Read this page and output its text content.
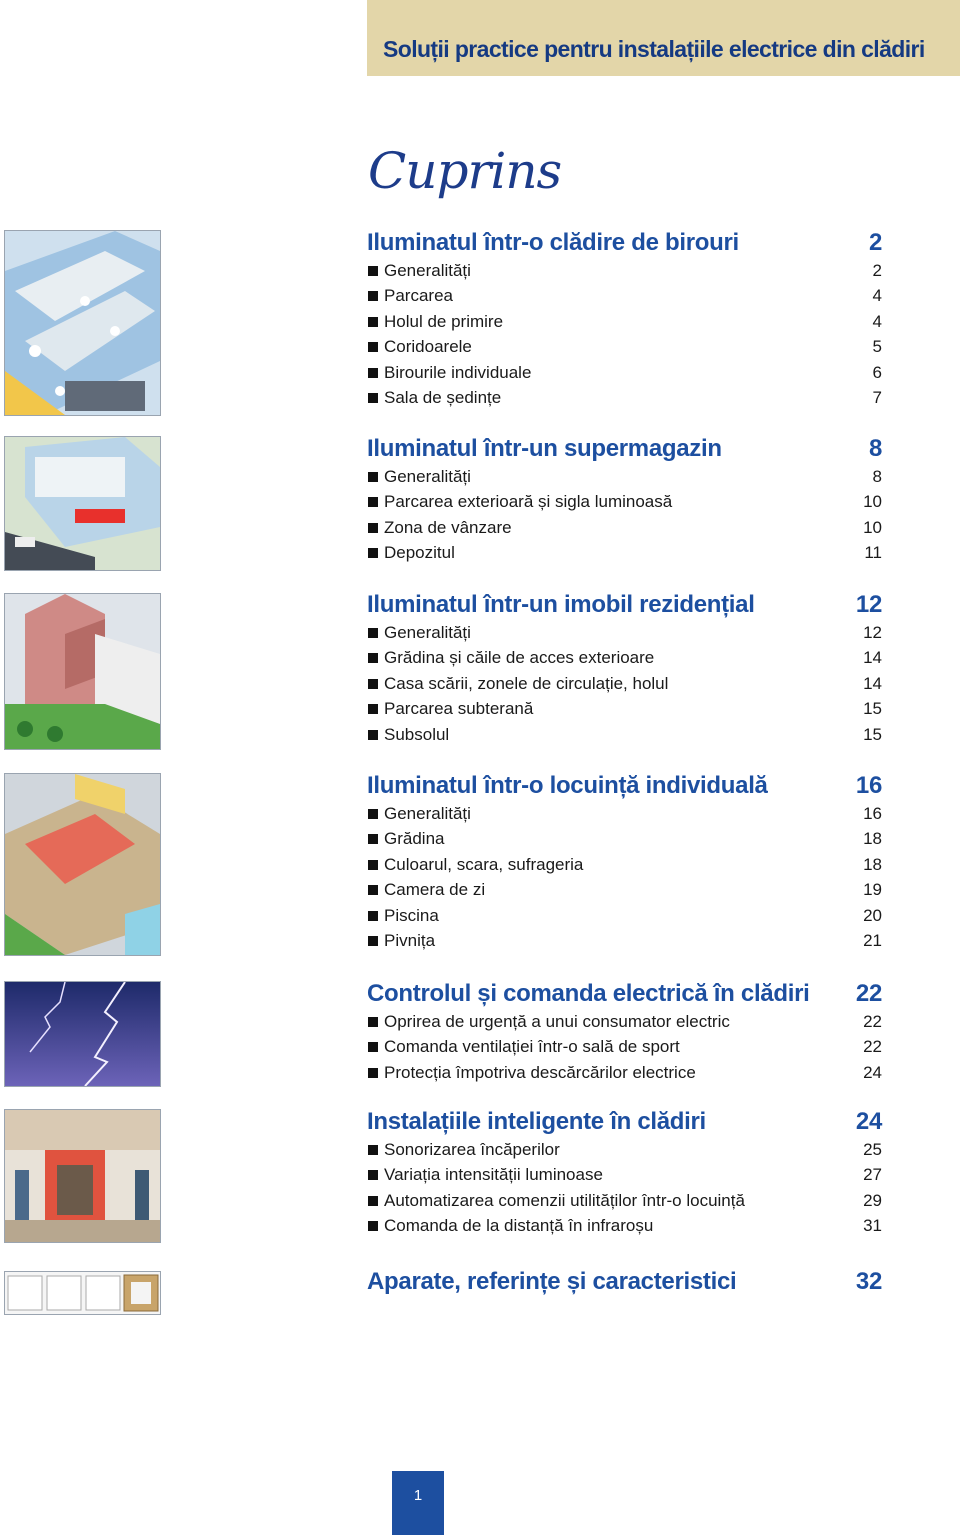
Soluții practice pentru instalațiile electrice din clădiri
Cuprins
Iluminatul într-o clădire de birouri	2
Generalități	2
Parcarea	4
Holul de primire	4
Coridoarele	5
Birourile individuale	6
Sala de ședințe	7
Iluminatul într-un supermagazin	8
Generalități	8
Parcarea exterioară și sigla luminoasă	10
Zona de vânzare	10
Depozitul	11
Iluminatul într-un imobil rezidențial	12
Generalități	12
Grădina și căile de acces exterioare	14
Casa scării, zonele de circulație, holul	14
Parcarea subterană	15
Subsolul	15
Iluminatul într-o locuință individuală	16
Generalități	16
Grădina	18
Culoarul, scara, sufrageria	18
Camera de zi	19
Piscina	20
Pivnița	21
Controlul și comanda electrică în clădiri 22
Oprirea de urgență a unui consumator electric	22
Comanda ventilației într-o sală de sport	22
Protecția împotriva descărcărilor electrice	24
Instalațiile inteligente în clădiri	24
Sonorizarea încăperilor	25
Variația intensității luminoase	27
Automatizarea comenzii utilităților într-o locuință	29
Comanda de la distanță în infraroșu	31
Aparate, referințe și caracteristici	32
1
